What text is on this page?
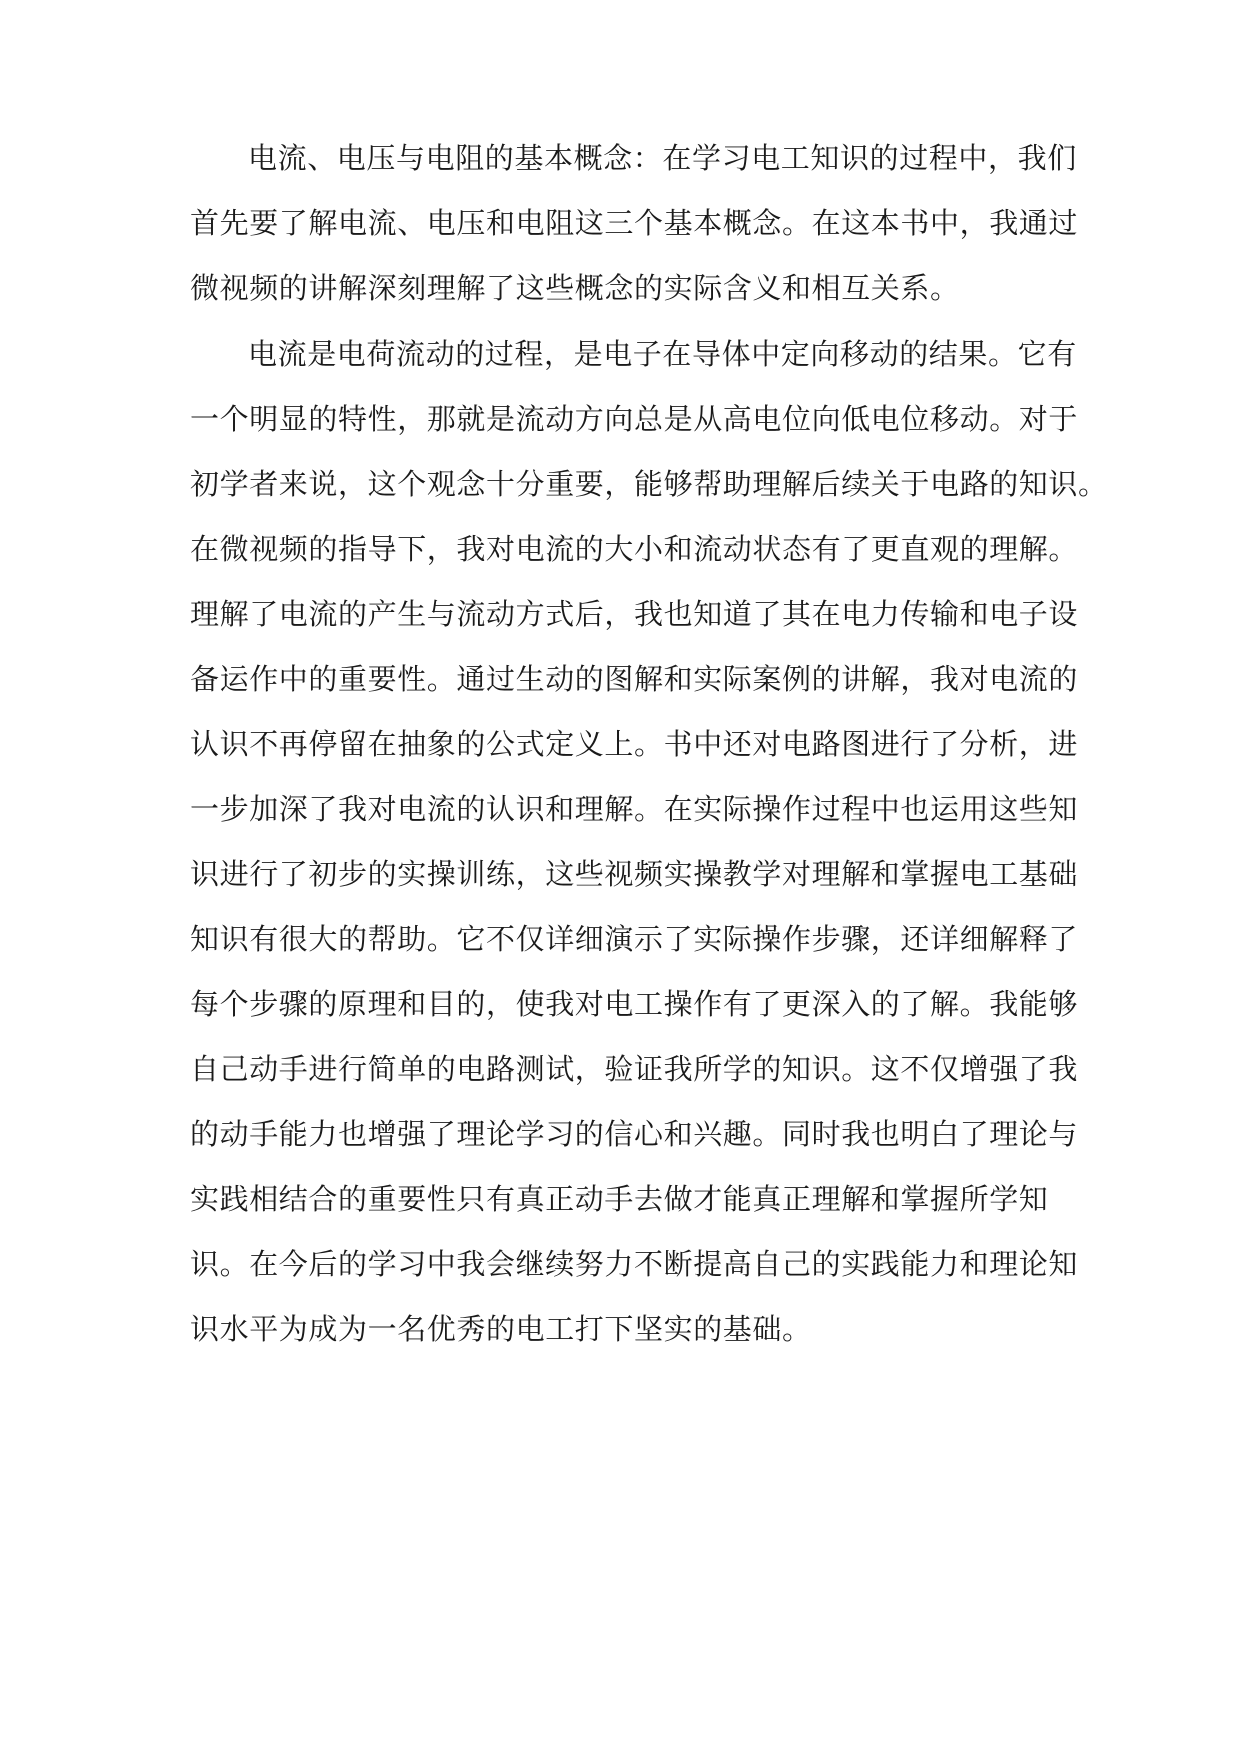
电流、电压与电阻的基本概念：在学习电工知识的过程中，我们
首先要了解电流、电压和电阻这三个基本概念。在这本书中，我通过
微视频的讲解深刻理解了这些概念的实际含义和相互关系。
电流是电荷流动的过程，是电子在导体中定向移动的结果。它有
一个明显的特性，那就是流动方向总是从高电位向低电位移动。对于
初学者来说，这个观念十分重要，能够帮助理解后续关于电路的知识。
在微视频的指导下，我对电流的大小和流动状态有了更直观的理解。
理解了电流的产生与流动方式后，我也知道了其在电力传输和电子设
备运作中的重要性。通过生动的图解和实际案例的讲解，我对电流的
认识不再停留在抽象的公式定义上。书中还对电路图进行了分析，进
一步加深了我对电流的认识和理解。在实际操作过程中也运用这些知
识进行了初步的实操训练，这些视频实操教学对理解和掌握电工基础
知识有很大的帮助。它不仅详细演示了实际操作步骤，还详细解释了
每个步骤的原理和目的，使我对电工操作有了更深入的了解。我能够
自己动手进行简单的电路测试，验证我所学的知识。这不仅增强了我
的动手能力也增强了理论学习的信心和兴趣。同时我也明白了理论与
实践相结合的重要性只有真正动手去做才能真正理解和掌握所学知
识。在今后的学习中我会继续努力不断提高自己的实践能力和理论知
识水平为成为一名优秀的电工打下坚实的基础。
